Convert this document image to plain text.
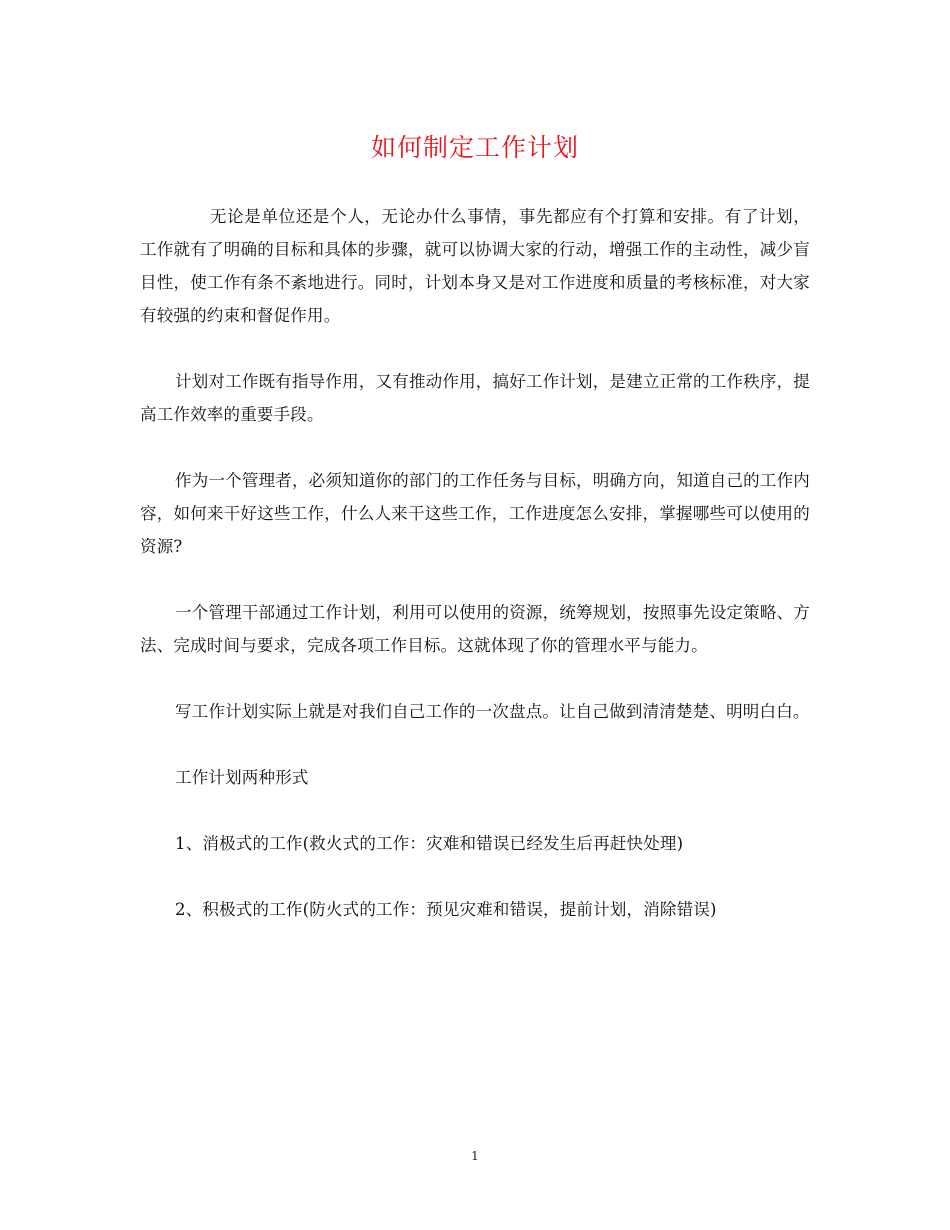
如何制定工作计划

无论是单位还是个人，无论办什么事情，事先都应有个打算和安排。有了计划，工作就有了明确的目标和具体的步骤，就可以协调大家的行动，增强工作的主动性，减少盲目性，使工作有条不紊地进行。同时，计划本身又是对工作进度和质量的考核标准，对大家有较强的约束和督促作用。

计划对工作既有指导作用，又有推动作用，搞好工作计划，是建立正常的工作秩序，提高工作效率的重要手段。

作为一个管理者，必须知道你的部门的工作任务与目标，明确方向，知道自己的工作内容，如何来干好这些工作，什么人来干这些工作，工作进度怎么安排，掌握哪些可以使用的资源?

一个管理干部通过工作计划，利用可以使用的资源，统筹规划，按照事先设定策略、方法、完成时间与要求，完成各项工作目标。这就体现了你的管理水平与能力。

写工作计划实际上就是对我们自己工作的一次盘点。让自己做到清清楚楚、明明白白。

工作计划两种形式

1、消极式的工作(救火式的工作：灾难和错误已经发生后再赶快处理)

2、积极式的工作(防火式的工作：预见灾难和错误，提前计划，消除错误)

1
